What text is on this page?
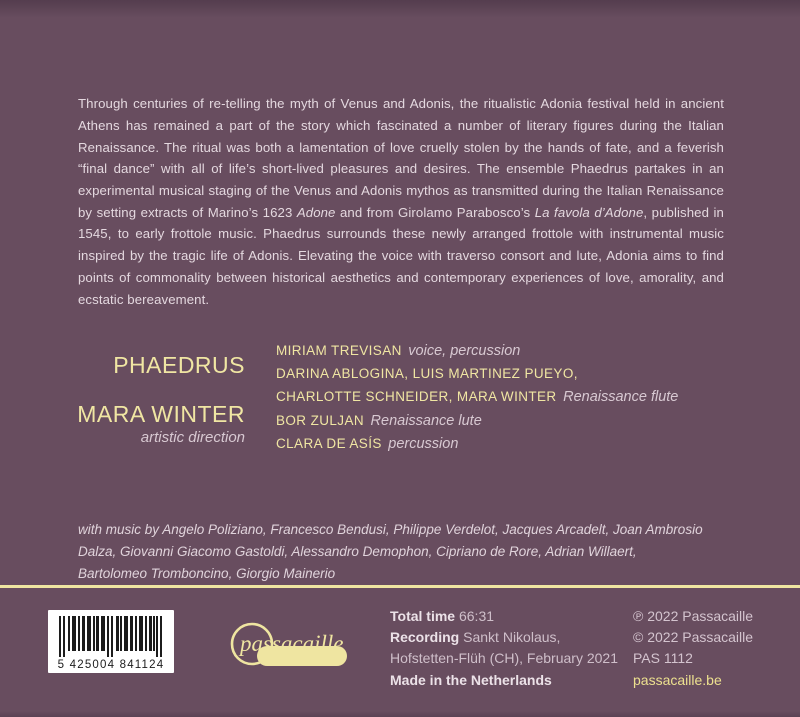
Through centuries of re-telling the myth of Venus and Adonis, the ritualistic Adonia festival held in ancient Athens has remained a part of the story which fascinated a number of literary figures during the Italian Renaissance. The ritual was both a lamentation of love cruelly stolen by the hands of fate, and a feverish “final dance” with all of life’s short-lived pleasures and desires. The ensemble Phaedrus partakes in an experimental musical staging of the Venus and Adonis mythos as transmitted during the Italian Renaissance by setting extracts of Marino’s 1623 Adone and from Girolamo Parabosco’s La favola d’Adone, published in 1545, to early frottole music. Phaedrus surrounds these newly arranged frottole with instrumental music inspired by the tragic life of Adonis. Elevating the voice with traverso consort and lute, Adonia aims to find points of commonality between historical aesthetics and contemporary experiences of love, amorality, and ecstatic bereavement.

PHAEDRUS
MARA WINTER
artistic direction
MIRIAM TREVISAN voice, percussion
DARINA ABLOGINA, LUIS MARTINEZ PUEYO,
CHARLOTTE SCHNEIDER, MARA WINTER Renaissance flute
BOR ZULJAN Renaissance lute
CLARA DE ASÍS percussion

with music by Angelo Poliziano, Francesco Bendusi, Philippe Verdelot, Jacques Arcadelt, Joan Ambrosio Dalza, Giovanni Giacomo Gastoldi, Alessandro Demophon, Cipriano de Rore, Adrian Willaert, Bartolomeo Tromboncino, Giorgio Mainerio

5 425004 841124
passacaille
Total time 66:31
Recording Sankt Nikolaus,
Hofstetten-Flüh (CH), February 2021
Made in the Netherlands
℗ 2022 Passacaille
© 2022 Passacaille
PAS 1112
passacaille.be
